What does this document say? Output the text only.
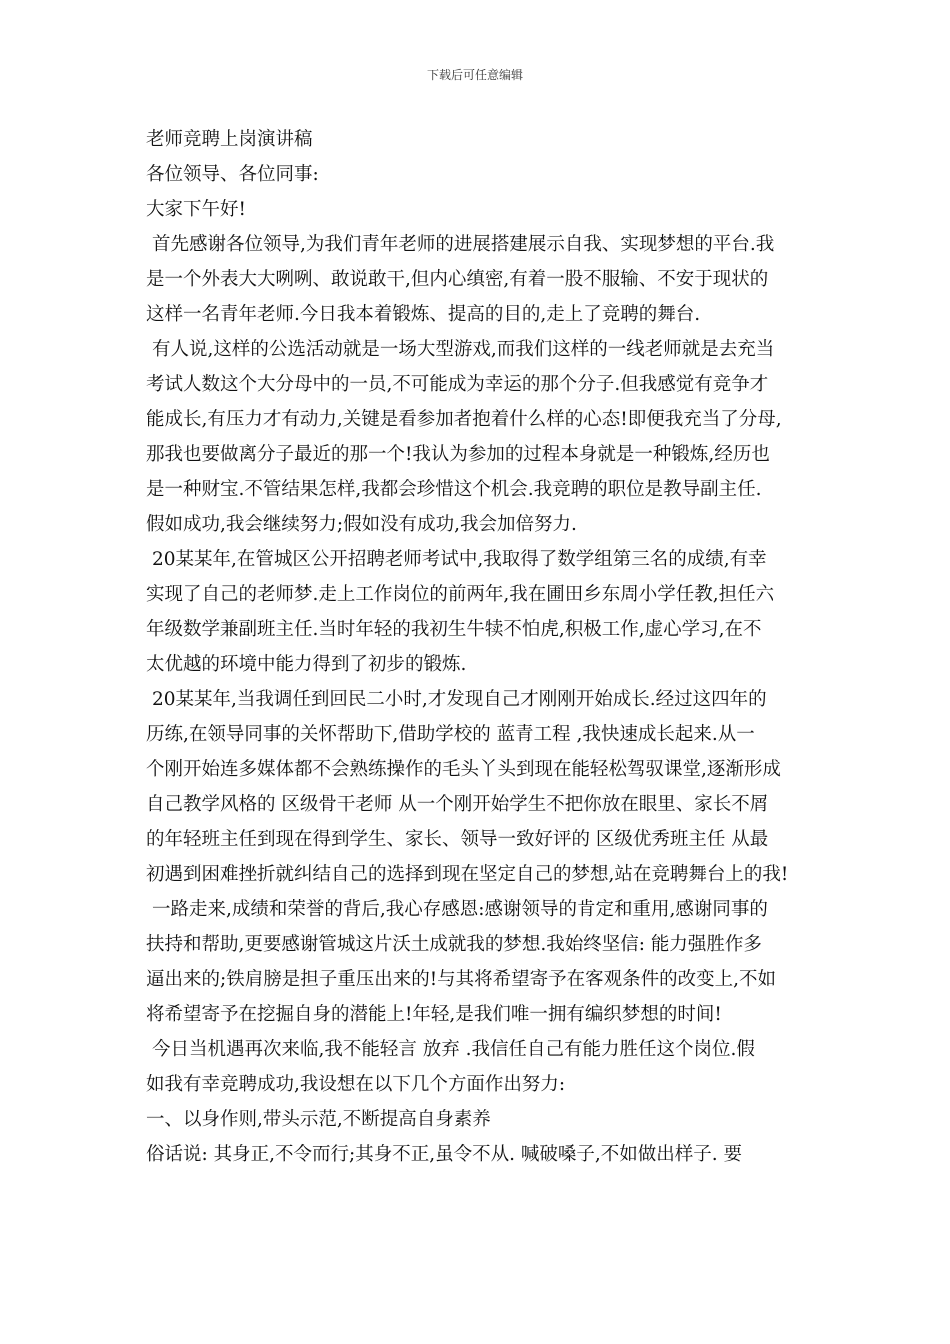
下载后可任意编辑
老师竞聘上岗演讲稿
各位领导、各位同事:
大家下午好!
首先感谢各位领导,为我们青年老师的进展搭建展示自我、实现梦想的平台.我
是一个外表大大咧咧、敢说敢干,但内心缜密,有着一股不服输、不安于现状的
这样一名青年老师.今日我本着锻炼、提高的目的,走上了竞聘的舞台.
有人说,这样的公选活动就是一场大型游戏,而我们这样的一线老师就是去充当
考试人数这个大分母中的一员,不可能成为幸运的那个分子.但我感觉有竞争才
能成长,有压力才有动力,关键是看参加者抱着什么样的心态!即便我充当了分母,
那我也要做离分子最近的那一个!我认为参加的过程本身就是一种锻炼,经历也
是一种财宝.不管结果怎样,我都会珍惜这个机会.我竞聘的职位是教导副主任.
假如成功,我会继续努力;假如没有成功,我会加倍努力.
20某某年,在管城区公开招聘老师考试中,我取得了数学组第三名的成绩,有幸
实现了自己的老师梦.走上工作岗位的前两年,我在圃田乡东周小学任教,担任六
年级数学兼副班主任.当时年轻的我初生牛犊不怕虎,积极工作,虚心学习,在不
太优越的环境中能力得到了初步的锻炼.
20某某年,当我调任到回民二小时,才发现自己才刚刚开始成长.经过这四年的
历练,在领导同事的关怀帮助下,借助学校的 蓝青工程 ,我快速成长起来.从一
个刚开始连多媒体都不会熟练操作的毛头丫头到现在能轻松驾驭课堂,逐渐形成
自己教学风格的 区级骨干老师 从一个刚开始学生不把你放在眼里、家长不屑
的年轻班主任到现在得到学生、家长、领导一致好评的 区级优秀班主任 从最
初遇到困难挫折就纠结自己的选择到现在坚定自己的梦想,站在竞聘舞台上的我!
一路走来,成绩和荣誉的背后,我心存感恩:感谢领导的肯定和重用,感谢同事的
扶持和帮助,更要感谢管城这片沃土成就我的梦想.我始终坚信: 能力强胜作多
逼出来的;铁肩膀是担子重压出来的!与其将希望寄予在客观条件的改变上,不如
将希望寄予在挖掘自身的潜能上!年轻,是我们唯一拥有编织梦想的时间!
今日当机遇再次来临,我不能轻言 放弃 .我信任自己有能力胜任这个岗位.假
如我有幸竞聘成功,我设想在以下几个方面作出努力:
一、以身作则,带头示范,不断提高自身素养
俗话说: 其身正,不令而行;其身不正,虽令不从. 喊破嗓子,不如做出样子. 要
